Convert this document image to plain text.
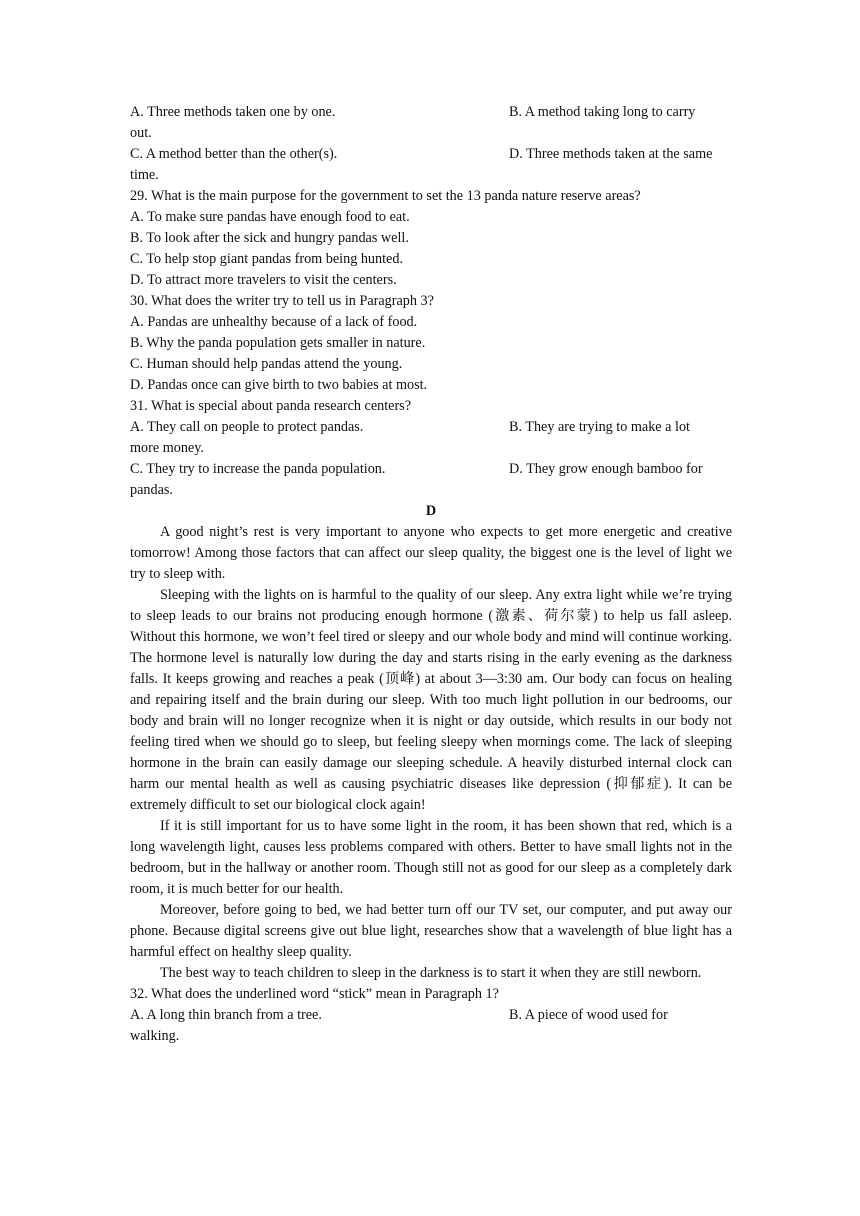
A. Three methods taken one by one.	B. A method taking long to carry
out.
C. A method better than the other(s).	D. Three methods taken at the same
time.
29. What is the main purpose for the government to set the 13 panda nature reserve areas?
A. To make sure pandas have enough food to eat.
B. To look after the sick and hungry pandas well.
C. To help stop giant pandas from being hunted.
D. To attract more travelers to visit the centers.
30. What does the writer try to tell us in Paragraph 3?
A. Pandas are unhealthy because of a lack of food.
B. Why the panda population gets smaller in nature.
C. Human should help pandas attend the young.
D. Pandas once can give birth to two babies at most.
31. What is special about panda research centers?
A. They call on people to protect pandas.	B. They are trying to make a lot
more money.
C. They try to increase the panda population.	D. They grow enough bamboo for
pandas.
D

A good night’s rest is very important to anyone who expects to get more energetic and creative tomorrow! Among those factors that can affect our sleep quality, the biggest one is the level of light we try to sleep with.

Sleeping with the lights on is harmful to the quality of our sleep. Any extra light while we’re trying to sleep leads to our brains not producing enough hormone (激素、荷尔蒙) to help us fall asleep. Without this hormone, we won’t feel tired or sleepy and our whole body and mind will continue working. The hormone level is naturally low during the day and starts rising in the early evening as the darkness falls. It keeps growing and reaches a peak (顶峰) at about 3—3:30 am. Our body can focus on healing and repairing itself and the brain during our sleep. With too much light pollution in our bedrooms, our body and brain will no longer recognize when it is night or day outside, which results in our body not feeling tired when we should go to sleep, but feeling sleepy when mornings come. The lack of sleeping hormone in the brain can easily damage our sleeping schedule. A heavily disturbed internal clock can harm our mental health as well as causing psychiatric diseases like depression (抑郁症). It can be extremely difficult to set our biological clock again!

If it is still important for us to have some light in the room, it has been shown that red, which is a long wavelength light, causes less problems compared with others. Better to have small lights not in the bedroom, but in the hallway or another room. Though still not as good for our sleep as a completely dark room, it is much better for our health.

Moreover, before going to bed, we had better turn off our TV set, our computer, and put away our phone. Because digital screens give out blue light, researches show that a wavelength of blue light has a harmful effect on healthy sleep quality.

The best way to teach children to sleep in the darkness is to start it when they are still newborn.

32. What does the underlined word “stick” mean in Paragraph 1?
A. A long thin branch from a tree.	B. A piece of wood used for
walking.
